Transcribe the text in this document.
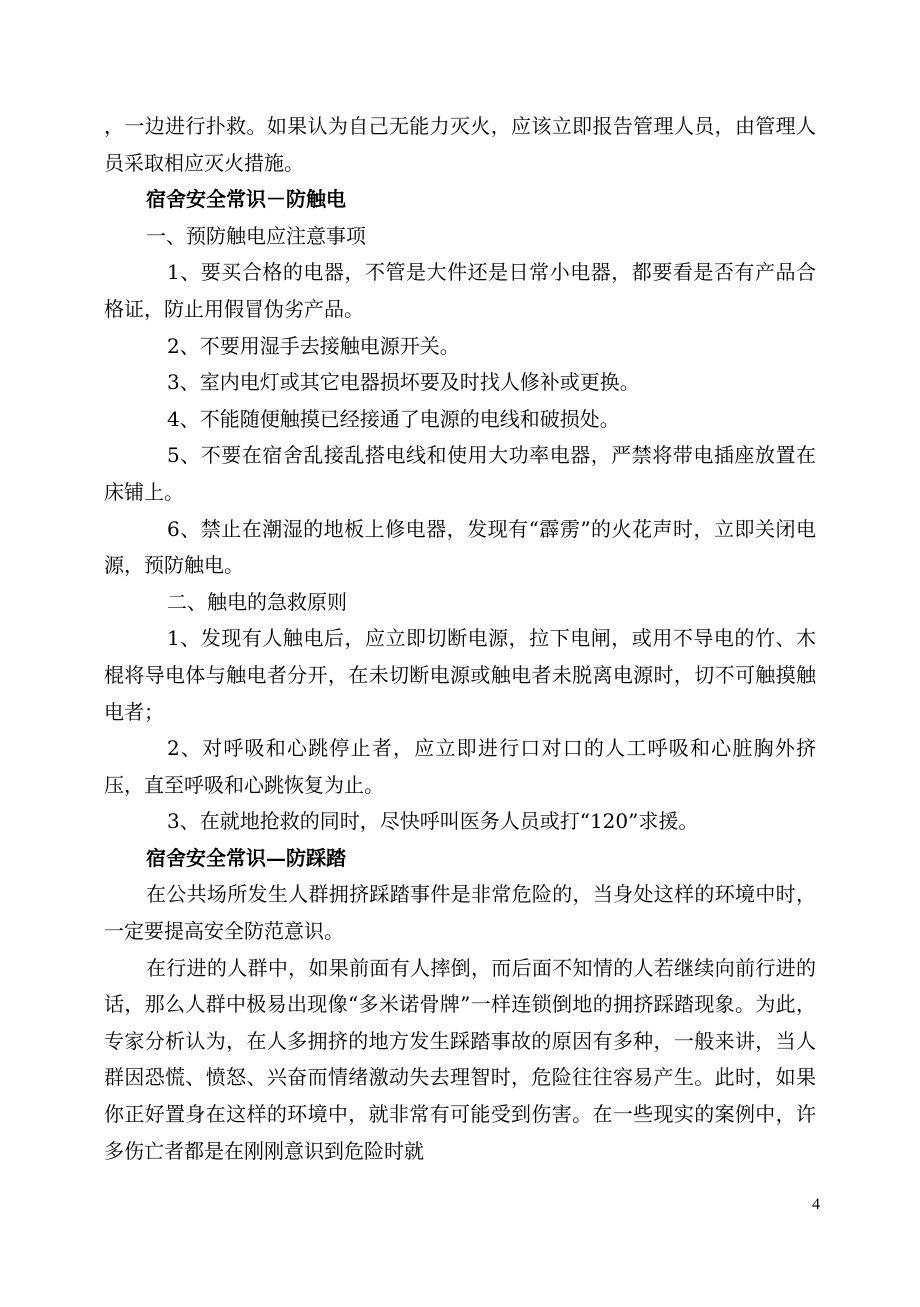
，一边进行扑救。如果认为自己无能力灭火，应该立即报告管理人员，由管理人员采取相应灭火措施。

宿舍安全常识－防触电

一、预防触电应注意事项

1、要买合格的电器，不管是大件还是日常小电器，都要看是否有产品合格证，防止用假冒伪劣产品。

2、不要用湿手去接触电源开关。

3、室内电灯或其它电器损坏要及时找人修补或更换。

4、不能随便触摸已经接通了电源的电线和破损处。

5、不要在宿舍乱接乱搭电线和使用大功率电器，严禁将带电插座放置在床铺上。

6、禁止在潮湿的地板上修电器，发现有“霹雳”的火花声时，立即关闭电源，预防触电。

二、触电的急救原则

1、发现有人触电后，应立即切断电源，拉下电闸，或用不导电的竹、木棍将导电体与触电者分开，在未切断电源或触电者未脱离电源时，切不可触摸触电者；

2、对呼吸和心跳停止者，应立即进行口对口的人工呼吸和心脏胸外挤压，直至呼吸和心跳恢复为止。

3、在就地抢救的同时，尽快呼叫医务人员或打“120”求援。

宿舍安全常识—防踩踏

在公共场所发生人群拥挤踩踏事件是非常危险的，当身处这样的环境中时，一定要提高安全防范意识。

在行进的人群中，如果前面有人摔倒，而后面不知情的人若继续向前行进的话，那么人群中极易出现像“多米诺骨牌”一样连锁倒地的拥挤踩踏现象。为此，专家分析认为，在人多拥挤的地方发生踩踏事故的原因有多种，一般来讲，当人群因恐慌、愤怒、兴奋而情绪激动失去理智时，危险往往容易产生。此时，如果你正好置身在这样的环境中，就非常有可能受到伤害。在一些现实的案例中，许多伤亡者都是在刚刚意识到危险时就

4
